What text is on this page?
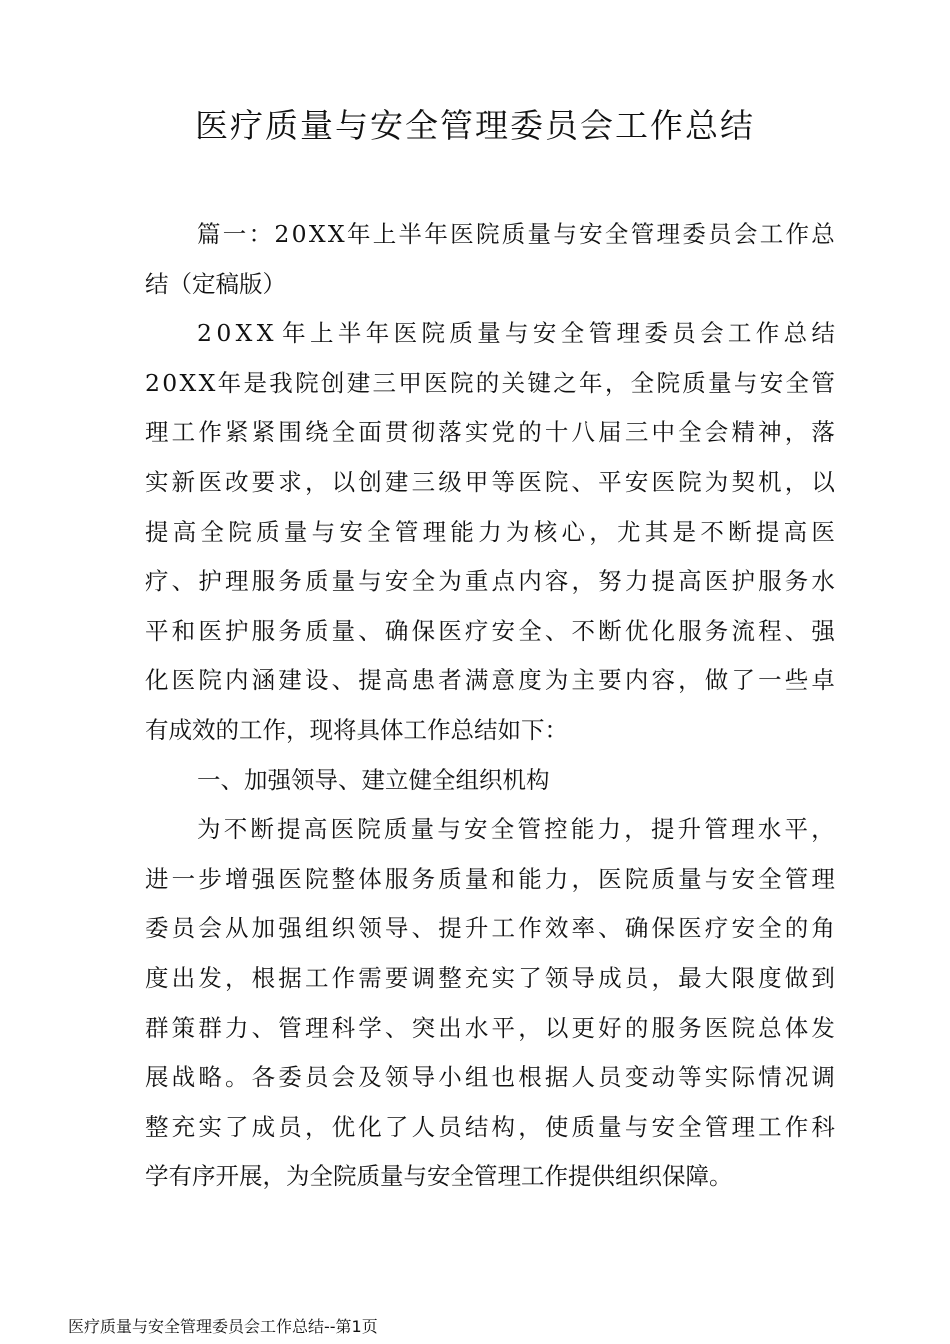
医疗质量与安全管理委员会工作总结
篇 一 ： 2 0 X X 年 上 半 年 医 院 质 量 与 安 全 管 理 委 员 会 工 作 总
结（定稿版）
2 0 X X 年 上 半 年 医 院 质 量 与 安 全 管 理 委 员 会 工 作 总 结
2 0 X X 年 是 我 院 创 建 三 甲 医 院 的 关 键 之 年 ， 全 院 质 量 与 安 全 管
理 工 作 紧 紧 围 绕 全 面 贯 彻 落 实 党 的 十 八 届 三 中 全 会 精 神 ， 落
实 新 医 改 要 求 ， 以 创 建 三 级 甲 等 医 院 、 平 安 医 院 为 契 机 ， 以
提 高 全 院 质 量 与 安 全 管 理 能 力 为 核 心 ， 尤 其 是 不 断 提 高 医
疗 、 护 理 服 务 质 量 与 安 全 为 重 点 内 容 ， 努 力 提 高 医 护 服 务 水
平 和 医 护 服 务 质 量 、 确 保 医 疗 安 全 、 不 断 优 化 服 务 流 程 、 强
化 医 院 内 涵 建 设 、 提 高 患 者 满 意 度 为 主 要 内 容 ， 做 了 一 些 卓
有成效的工作，现将具体工作总结如下：
一、加强领导、建立健全组织机构
为 不 断 提 高 医 院 质 量 与 安 全 管 控 能 力 ， 提 升 管 理 水 平 ，
进 一 步 增 强 医 院 整 体 服 务 质 量 和 能 力 ， 医 院 质 量 与 安 全 管 理
委 员 会 从 加 强 组 织 领 导 、 提 升 工 作 效 率 、 确 保 医 疗 安 全 的 角
度 出 发 ， 根 据 工 作 需 要 调 整 充 实 了 领 导 成 员 ， 最 大 限 度 做 到
群 策 群 力 、 管 理 科 学 、 突 出 水 平 ， 以 更 好 的 服 务 医 院 总 体 发
展 战 略 。 各 委 员 会 及 领 导 小 组 也 根 据 人 员 变 动 等 实 际 情 况 调
整 充 实 了 成 员 ， 优 化 了 人 员 结 构 ， 使 质 量 与 安 全 管 理 工 作 科
学有序开展，为全院质量与安全管理工作提供组织保障。
医疗质量与安全管理委员会工作总结--第1页
